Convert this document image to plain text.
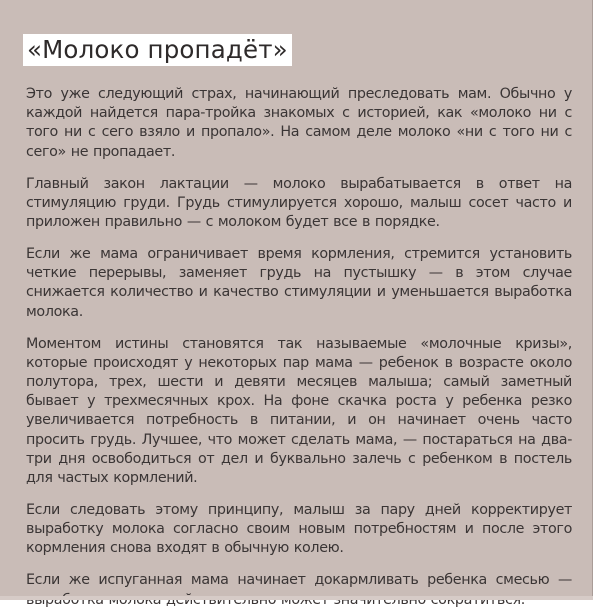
«Молоко пропадёт»

Это уже следующий страх, начинающий преследовать мам. Обычно у каждой найдется пара-тройка знакомых с историей, как «молоко ни с того ни с сего взяло и пропало». На самом деле молоко «ни с того ни с сего» не пропадает.

Главный закон лактации — молоко вырабатывается в ответ на стимуляцию груди. Грудь стимулируется хорошо, малыш сосет часто и приложен правильно — с молоком будет все в порядке.

Если же мама ограничивает время кормления, стремится установить четкие перерывы, заменяет грудь на пустышку — в этом случае снижается количество и качество стимуляции и уменьшается выработка молока.

Моментом истины становятся так называемые «молочные кризы», которые происходят у некоторых пар мама — ребенок в возрасте около полутора, трех, шести и девяти месяцев малыша; самый заметный бывает у трехмесячных крох. На фоне скачка роста у ребенка резко увеличивается потребность в питании, и он начинает очень часто просить грудь. Лучшее, что может сделать мама, — постараться на два-три дня освободиться от дел и буквально залечь с ребенком в постель для частых кормлений.

Если следовать этому принципу, малыш за пару дней корректирует выработку молока согласно своим новым потребностям и после этого кормления снова входят в обычную колею.

Если же испуганная мама начинает докармливать ребенка смесью —
